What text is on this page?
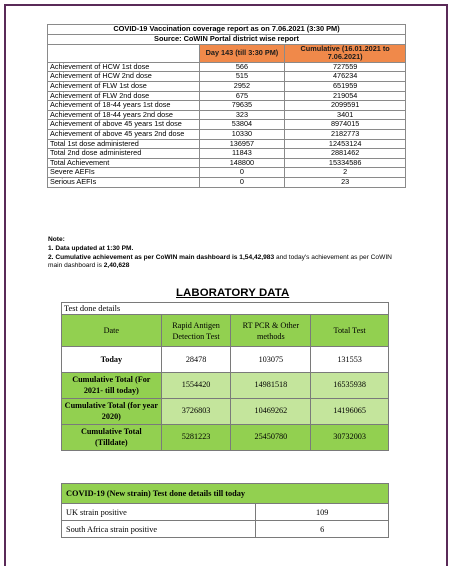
COVID-19 Vaccination coverage report as on 7.06.2021 (3:30 PM)		
Source: CoWIN Portal district wise report		
	Day 143 (till 3:30 PM)	Cumulative (16.01.2021 to 7.06.2021)
Achievement of HCW 1st dose	566	727559
Achievement of HCW 2nd dose	515	476234
Achievement of FLW 1st dose	2952	651959
Achievement of FLW 2nd dose	675	219054
Achievement of 18-44 years 1st dose	79635	2099591
Achievement of 18-44 years 2nd dose	323	3401
Achievement of above 45 years 1st dose	53804	8974015
Achievement of above 45 years 2nd dose	10330	2182773
Total 1st dose administered	136957	12453124
Total 2nd dose administered	11843	2881462
Total Achievement	148800	15334586
Severe AEFIs	0	2
Serious AEFIs	0	23
Note:
1. Data updated at 1:30 PM.
2. Cumulative achievement as per CoWIN main dashboard is 1,54,42,983 and today's achievement as per CoWIN main dashboard is 2,40,628
LABORATORY DATA
Test done details			
Date	Rapid Antigen Detection Test	RT PCR & Other methods	Total Test
Today	28478	103075	131553
Cumulative Total (For 2021- till today)	1554420	14981518	16535938
Cumulative Total (for year 2020)	3726803	10469262	14196065
Cumulative Total (Tilldate)	5281223	25450780	30732003
COVID-19 (New strain) Test done details till today	
UK strain positive	109
South Africa strain positive	6
